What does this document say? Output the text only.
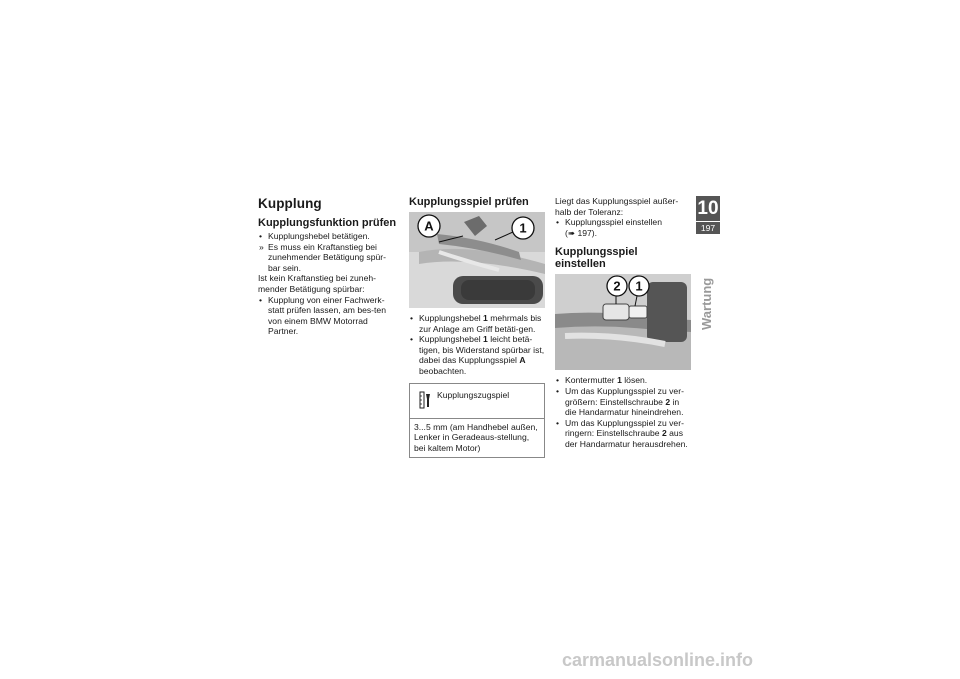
Kupplung
Kupplungsfunktion prüfen
• Kupplungshebel betätigen.
» Es muss ein Kraftanstieg bei zunehmender Betätigung spür-bar sein.

Ist kein Kraftanstieg bei zuneh-mender Betätigung spürbar:

• Kupplung von einer Fachwerk-statt prüfen lassen, am bes-ten von einem BMW Motorrad Partner.
Kupplungsspiel prüfen
A	1
• Kupplungshebel 1 mehrmals bis zur Anlage am Griff betäti-gen.
• Kupplungshebel 1 leicht betä-tigen, bis Widerstand spürbar ist, dabei das Kupplungsspiel A beobachten.
Kupplungszugspiel
3...5 mm (am Handhebel außen, Lenker in Geradeaus-stellung, bei kaltem Motor)

Liegt das Kupplungsspiel außer-halb der Toleranz:

• Kupplungsspiel einstellen
(➠ 197).
Kupplungsspiel einstellen
2 1
• Kontermutter 1 lösen.
• Um das Kupplungsspiel zu ver-größern: Einstellschraube 2 in die Handarmatur hineindrehen.
• Um das Kupplungsspiel zu ver-ringern: Einstellschraube 2 aus der Handarmatur herausdrehen.
10
197
Wartung
carmanualsonline.info
